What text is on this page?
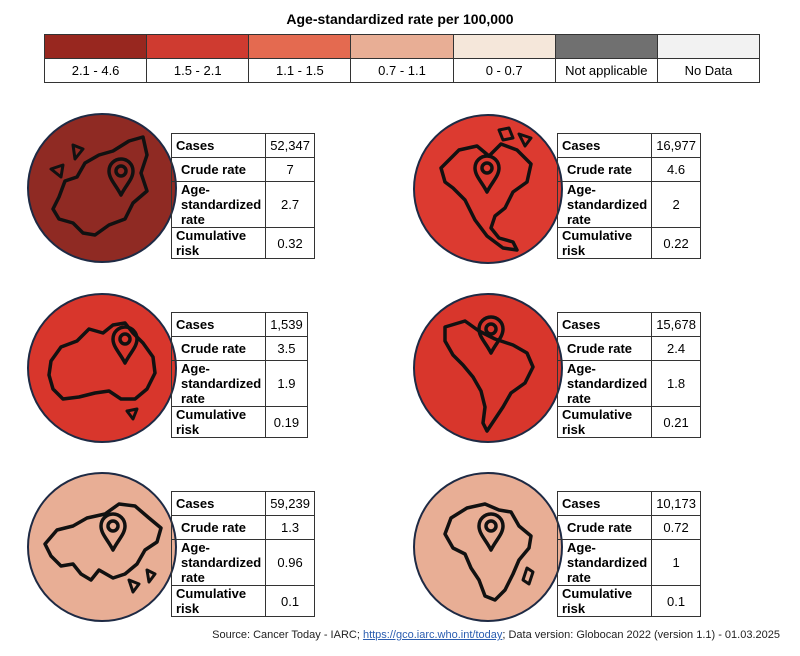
Age-standardized rate per 100,000

2.1 - 4.6	1.5 - 2.1	1.1 - 1.5	0.7 - 1.1	0 - 0.7	Not applicable	No Data
Cases	52,347
Crude rate	7
Age-standardized rate	2.7
Cumulative risk	0.32
Cases	16,977
Crude rate	4.6
Age-standardized rate	2
Cumulative risk	0.22
Cases	1,539
Crude rate	3.5
Age-standardized rate	1.9
Cumulative risk	0.19
Cases	15,678
Crude rate	2.4
Age-standardized rate	1.8
Cumulative risk	0.21
Cases	59,239
Crude rate	1.3
Age-standardized rate	0.96
Cumulative risk	0.1
Cases	10,173
Crude rate	0.72
Age-standardized rate	1
Cumulative risk	0.1
Source: Cancer Today - IARC; https://gco.iarc.who.int/today; Data version: Globocan 2022 (version 1.1) - 01.03.2025
